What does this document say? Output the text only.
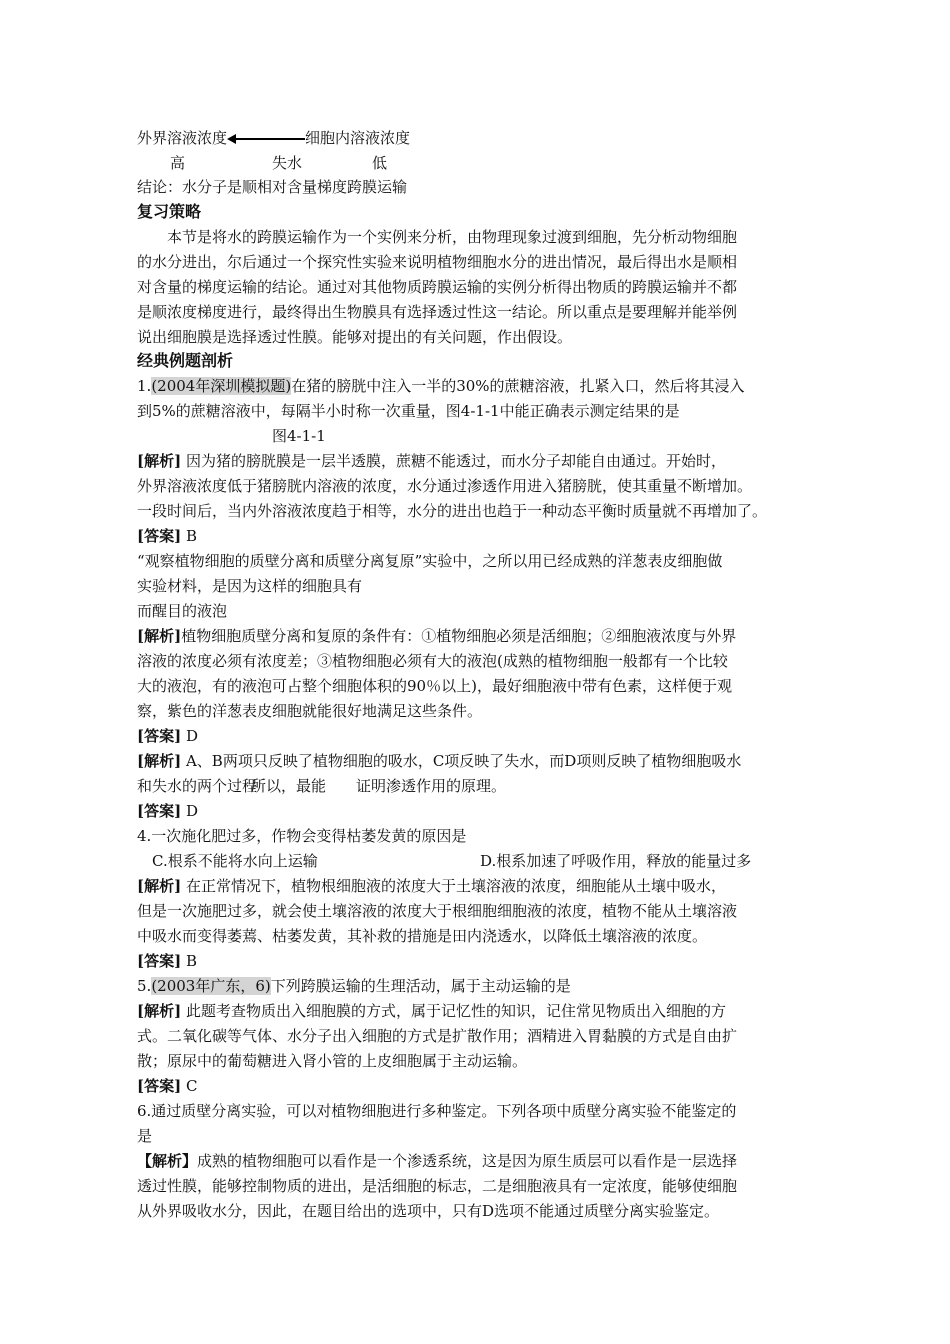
外界溶液浓度	细胞内溶液浓度
高	失水	低
结论：水分子是顺相对含量梯度跨膜运输
复习策略
本节是将水的跨膜运输作为一个实例来分析，由物理现象过渡到细胞，先分析动物细胞
的水分进出，尔后通过一个探究性实验来说明植物细胞水分的进出情况，最后得出水是顺相
对含量的梯度运输的结论。通过对其他物质跨膜运输的实例分析得出物质的跨膜运输并不都
是顺浓度梯度进行，最终得出生物膜具有选择透过性这一结论。所以重点是要理解并能举例
说出细胞膜是选择透过性膜。能够对提出的有关问题，作出假设。
经典例题剖析
1.(2004年深圳模拟题)在猪的膀胱中注入一半的30%的蔗糖溶液，扎紧入口，然后将其浸入
到5%的蔗糖溶液中，每隔半小时称一次重量，图4-1-1中能正确表示测定结果的是
图4-1-1
[解析] 因为猪的膀胱膜是一层半透膜，蔗糖不能透过，而水分子却能自由通过。开始时，
外界溶液浓度低于猪膀胱内溶液的浓度，水分通过渗透作用进入猪膀胱，使其重量不断增加。
一段时间后，当内外溶液浓度趋于相等，水分的进出也趋于一种动态平衡时质量就不再增加了。
[答案] B
“观察植物细胞的质壁分离和质壁分离复原”实验中，之所以用已经成熟的洋葱表皮细胞做
实验材料，是因为这样的细胞具有
而醒目的液泡
[解析]植物细胞质壁分离和复原的条件有：①植物细胞必须是活细胞；②细胞液浓度与外界
溶液的浓度必须有浓度差；③植物细胞必须有大的液泡(成熟的植物细胞一般都有一个比较
大的液泡，有的液泡可占整个细胞体积的90％以上)，最好细胞液中带有色素，这样便于观
察，紫色的洋葱表皮细胞就能很好地满足这些条件。
[答案] D
[解析] A、B两项只反映了植物细胞的吸水，C项反映了失水，而D项则反映了植物细胞吸水
和失水的两个过程所以，最能 证明渗透作用的原理。
[答案] D
4.一次施化肥过多，作物会变得枯萎发黄的原因是
C.根系不能将水向上运输	D.根系加速了呼吸作用，释放的能量过多
[解析] 在正常情况下，植物根细胞液的浓度大于土壤溶液的浓度，细胞能从土壤中吸水，
但是一次施肥过多，就会使土壤溶液的浓度大于根细胞细胞液的浓度，植物不能从土壤溶液
中吸水而变得萎蔫、枯萎发黄，其补救的措施是田内浇透水，以降低土壤溶液的浓度。
[答案] B
5.(2003年广东，6)下列跨膜运输的生理活动，属于主动运输的是
[解析] 此题考查物质出入细胞膜的方式，属于记忆性的知识，记住常见物质出入细胞的方
式。二氧化碳等气体、水分子出入细胞的方式是扩散作用；酒精进入胃黏膜的方式是自由扩
散；原尿中的葡萄糖进入肾小管的上皮细胞属于主动运输。
[答案] C
6.通过质壁分离实验，可以对植物细胞进行多种鉴定。下列各项中质壁分离实验不能鉴定的
是
【解析】成熟的植物细胞可以看作是一个渗透系统，这是因为原生质层可以看作是一层选择
透过性膜，能够控制物质的进出，是活细胞的标志，二是细胞液具有一定浓度，能够使细胞
从外界吸收水分，因此，在题目给出的选项中，只有D选项不能通过质壁分离实验鉴定。
